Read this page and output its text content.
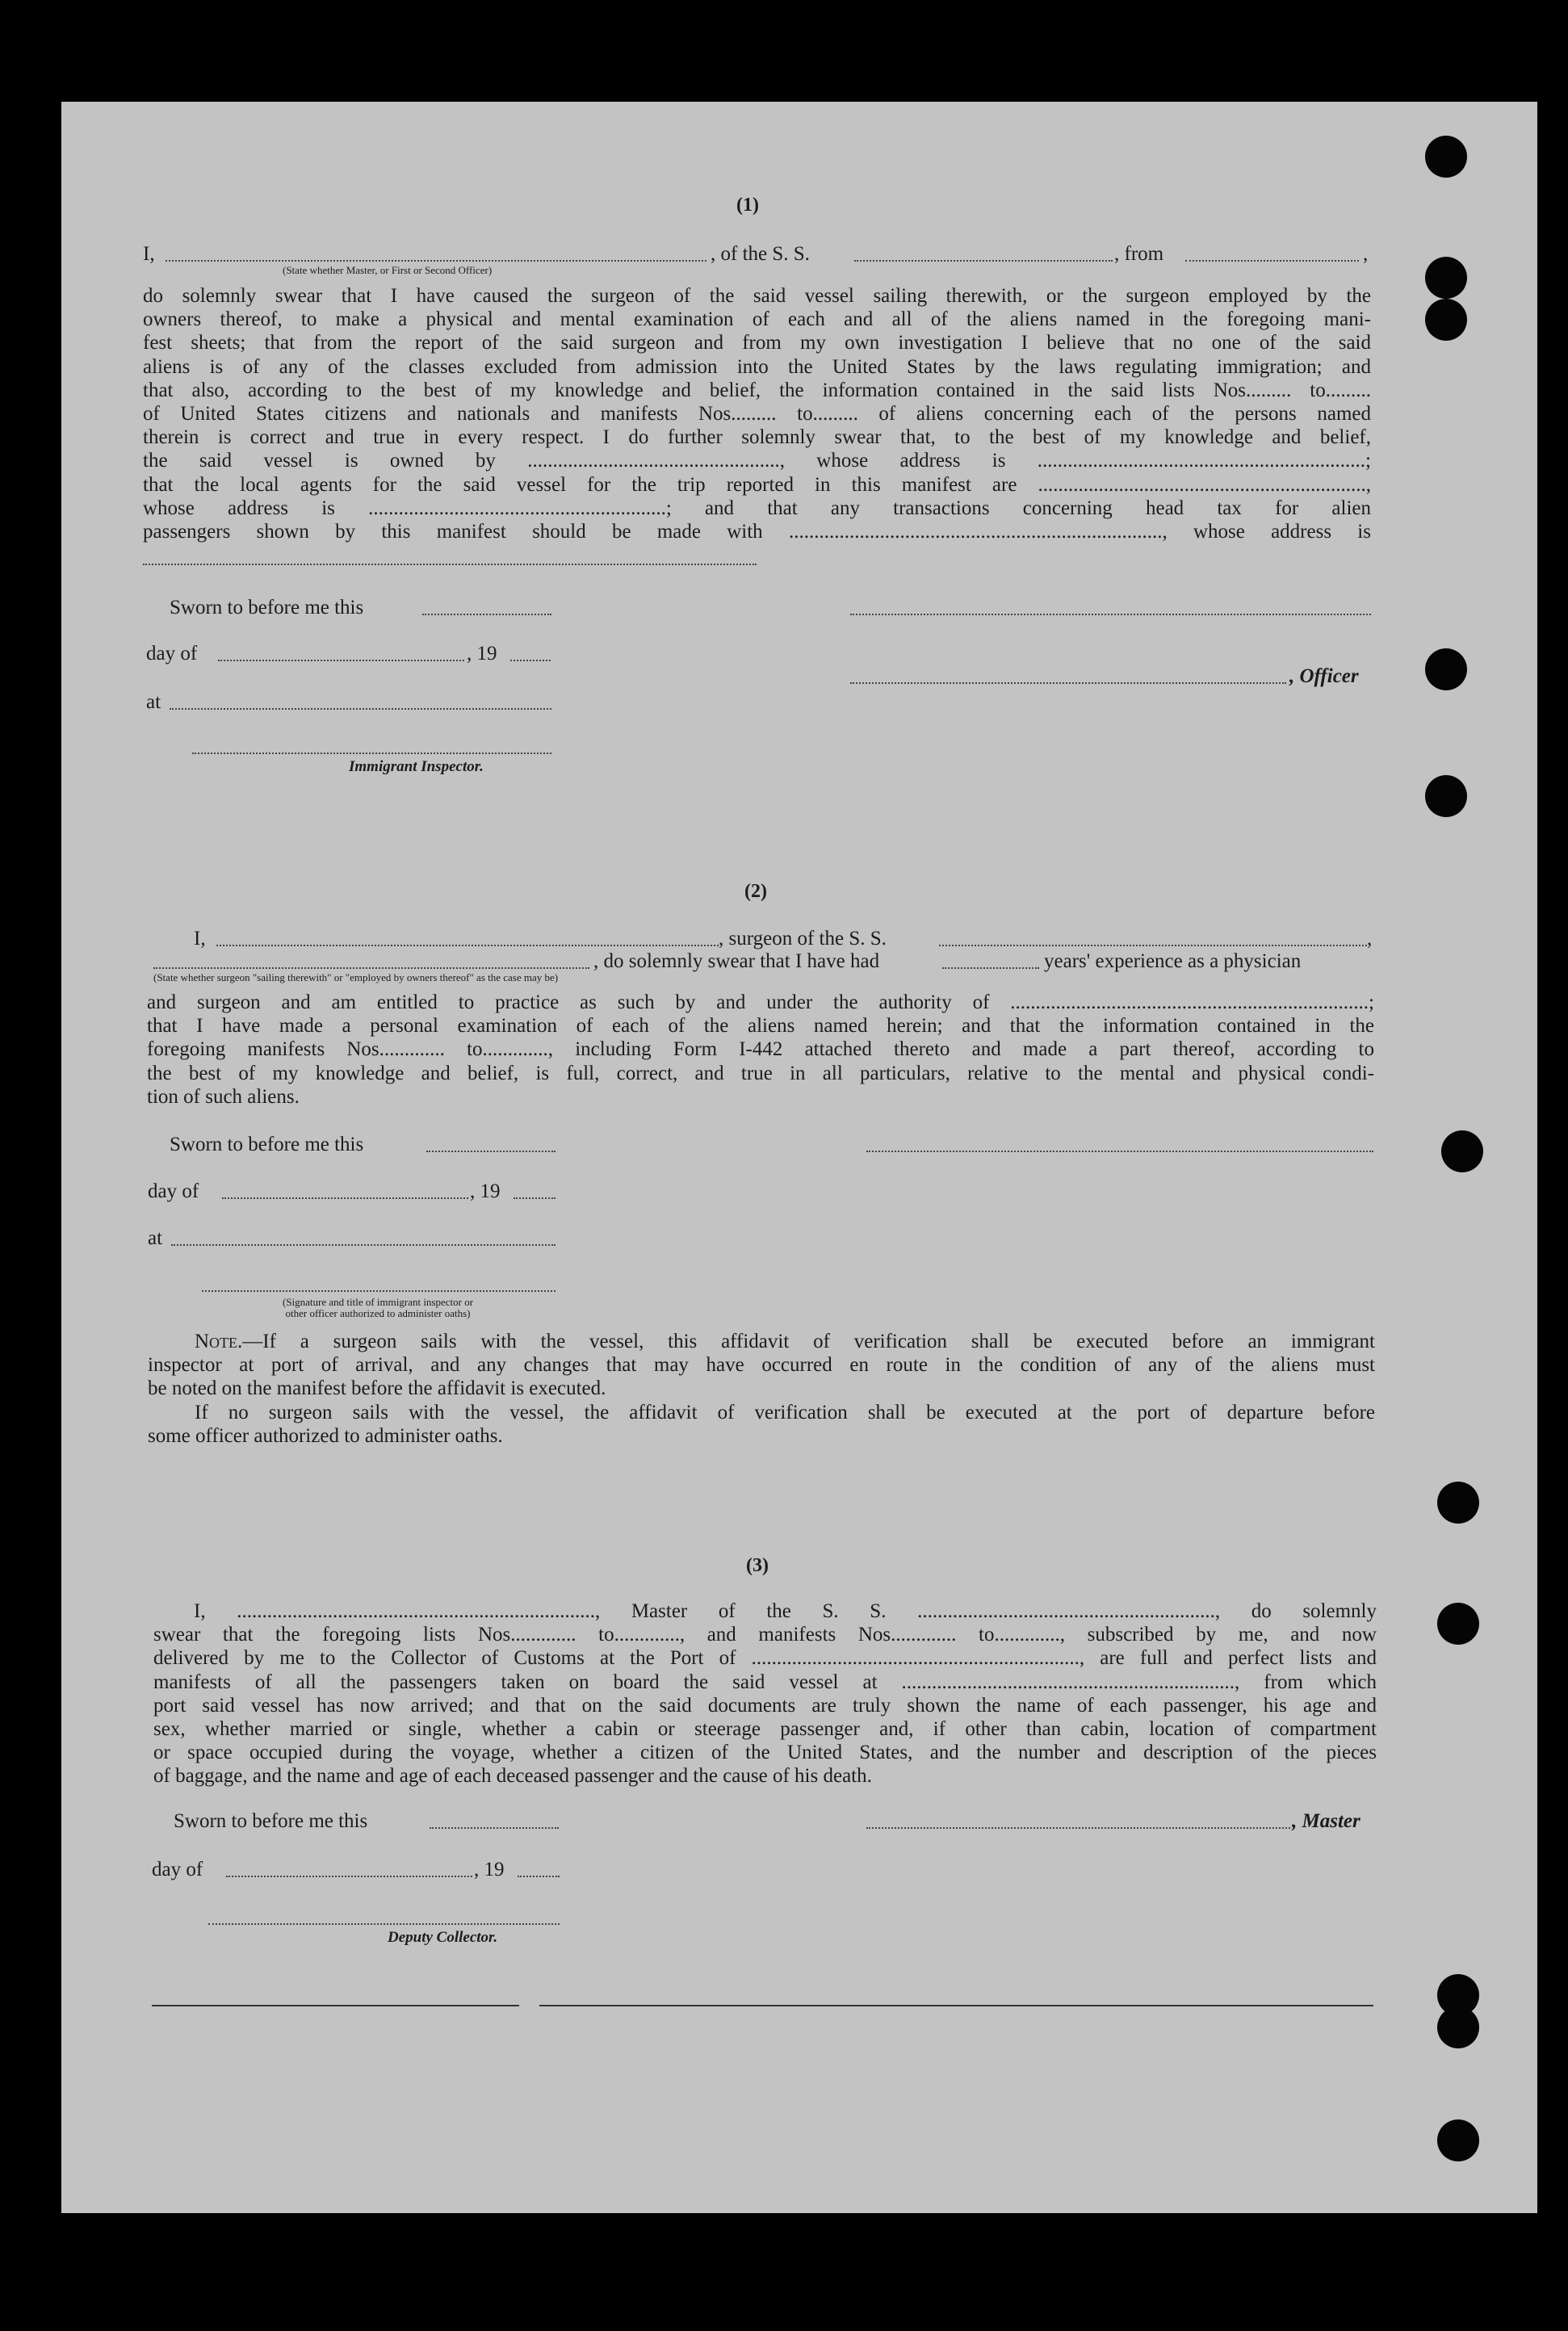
(1)
I,	, of the S. S.	, from	,
(State whether Master, or First or Second Officer)
do solemnly swear that I have caused the surgeon of the said vessel sailing therewith, or the surgeon employed by the
owners thereof, to make a physical and mental examination of each and all of the aliens named in the foregoing mani-
fest sheets; that from the report of the said surgeon and from my own investigation I believe that no one of the said
aliens is of any of the classes excluded from admission into the United States by the laws regulating immigration; and
that also, according to the best of my knowledge and belief, the information contained in the said lists Nos......... to.........
of United States citizens and nationals and manifests Nos......... to......... of aliens concerning each of the persons named
therein is correct and true in every respect. I do further solemnly swear that, to the best of my knowledge and belief,
the said vessel is owned by .................................................., whose address is .................................................................;
that the local agents for the said vessel for the trip reported in this manifest are .................................................................,
whose address is ...........................................................; and that any transactions concerning head tax for alien
passengers shown by this manifest should be made with .........................................................................., whose address is
Sworn to before me this
day of	, 19
, Officer
at
Immigrant Inspector.
(2)
I,	, surgeon of the S. S.	,
, do solemnly swear that I have had	years' experience as a physician
(State whether surgeon "sailing therewith" or "employed by owners thereof" as the case may be)
and surgeon and am entitled to practice as such by and under the authority of .......................................................................;
that I have made a personal examination of each of the aliens named herein; and that the information contained in the
foregoing manifests Nos............. to............., including Form I-442 attached thereto and made a part thereof, according to
the best of my knowledge and belief, is full, correct, and true in all particulars, relative to the mental and physical condi-
tion of such aliens.
Sworn to before me this
day of	, 19
at
(Signature and title of immigrant inspector or
other officer authorized to administer oaths)
Note.—If a surgeon sails with the vessel, this affidavit of verification shall be executed before an immigrant
inspector at port of arrival, and any changes that may have occurred en route in the condition of any of the aliens must
be noted on the manifest before the affidavit is executed.
If no surgeon sails with the vessel, the affidavit of verification shall be executed at the port of departure before
some officer authorized to administer oaths.
(3)
I, ......................................................................., Master of the S. S. ..........................................................., do solemnly
swear that the foregoing lists Nos............. to............., and manifests Nos............. to............., subscribed by me, and now
delivered by me to the Collector of Customs at the Port of ................................................................., are full and perfect lists and
manifests of all the passengers taken on board the said vessel at .................................................................., from which
port said vessel has now arrived; and that on the said documents are truly shown the name of each passenger, his age and
sex, whether married or single, whether a cabin or steerage passenger and, if other than cabin, location of compartment
or space occupied during the voyage, whether a citizen of the United States, and the number and description of the pieces
of baggage, and the name and age of each deceased passenger and the cause of his death.
Sworn to before me this	, Master
day of	, 19
Deputy Collector.
